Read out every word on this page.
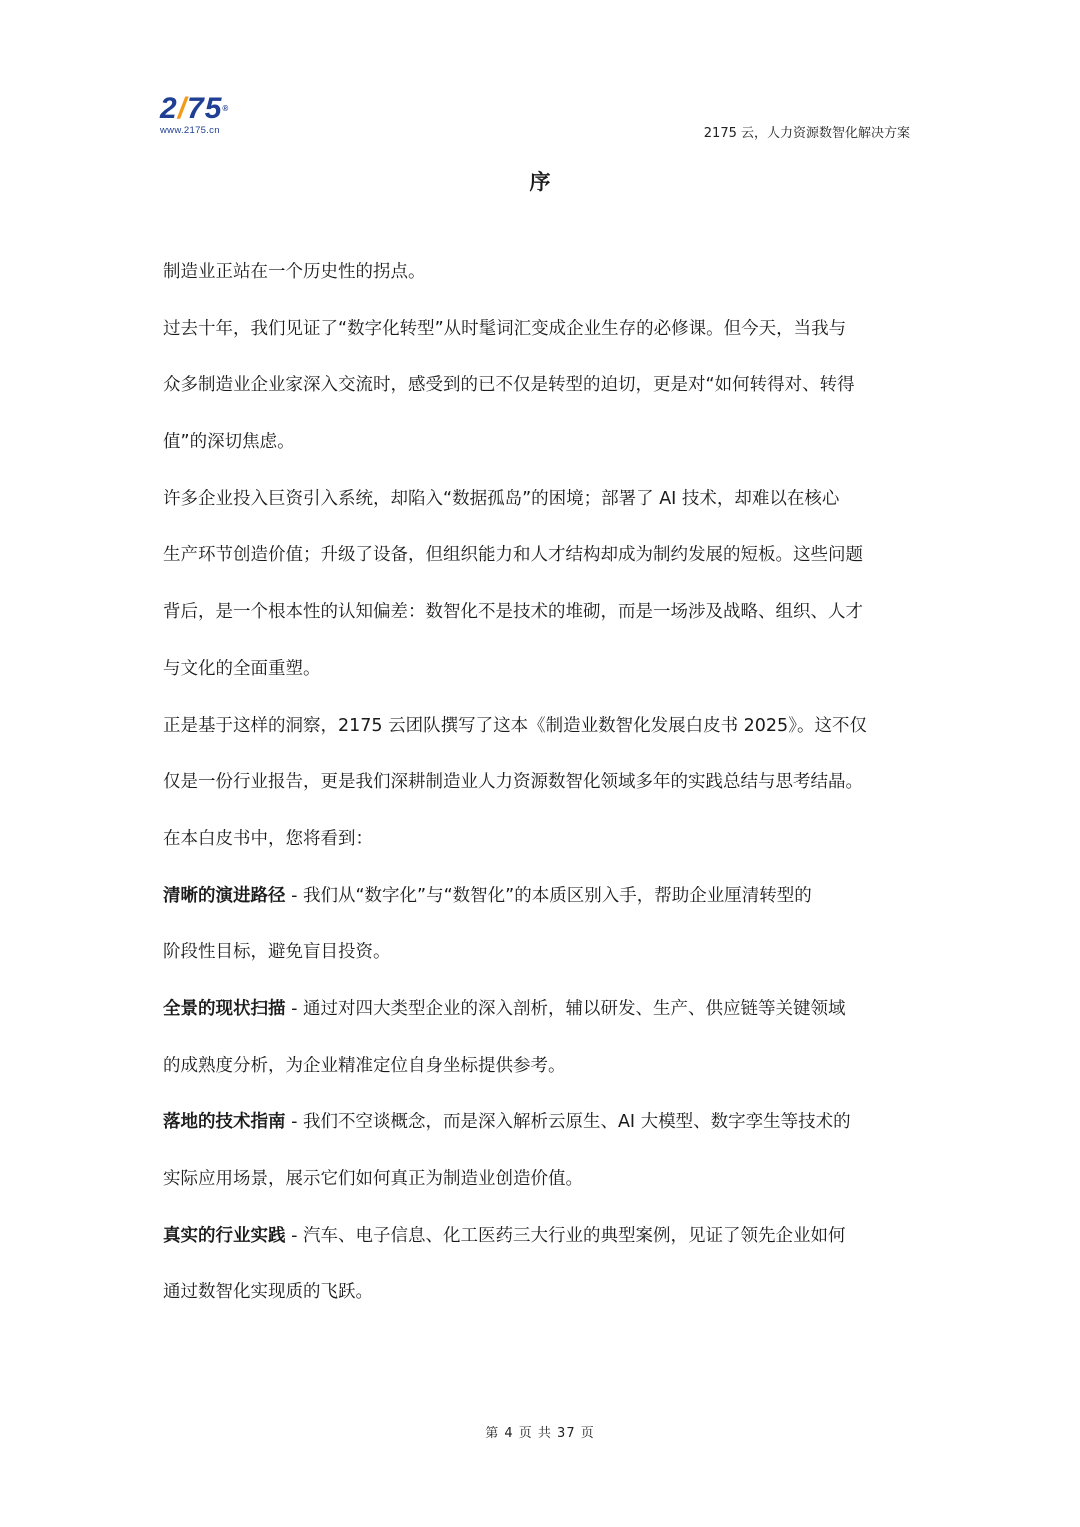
2/75®
www.2175.cn	2175 云，人力资源数智化解决方案
序
制造业正站在一个历史性的拐点。
过去十年，我们见证了“数字化转型”从时髦词汇变成企业生存的必修课。但今天，当我与
众多制造业企业家深入交流时，感受到的已不仅是转型的迫切，更是对“如何转得对、转得
值”的深切焦虑。
许多企业投入巨资引入系统，却陷入“数据孤岛”的困境；部署了 AI 技术，却难以在核心
生产环节创造价值；升级了设备，但组织能力和人才结构却成为制约发展的短板。这些问题
背后，是一个根本性的认知偏差：数智化不是技术的堆砌，而是一场涉及战略、组织、人才
与文化的全面重塑。
正是基于这样的洞察，2175 云团队撰写了这本《制造业数智化发展白皮书 2025》。这不仅
仅是一份行业报告，更是我们深耕制造业人力资源数智化领域多年的实践总结与思考结晶。
在本白皮书中，您将看到：
清晰的演进路径 - 我们从“数字化”与“数智化”的本质区别入手，帮助企业厘清转型的
阶段性目标，避免盲目投资。
全景的现状扫描 - 通过对四大类型企业的深入剖析，辅以研发、生产、供应链等关键领域
的成熟度分析，为企业精准定位自身坐标提供参考。
落地的技术指南 - 我们不空谈概念，而是深入解析云原生、AI 大模型、数字孪生等技术的
实际应用场景，展示它们如何真正为制造业创造价值。
真实的行业实践 - 汽车、电子信息、化工医药三大行业的典型案例，见证了领先企业如何
通过数智化实现质的飞跃。
第 4 页 共 37 页
